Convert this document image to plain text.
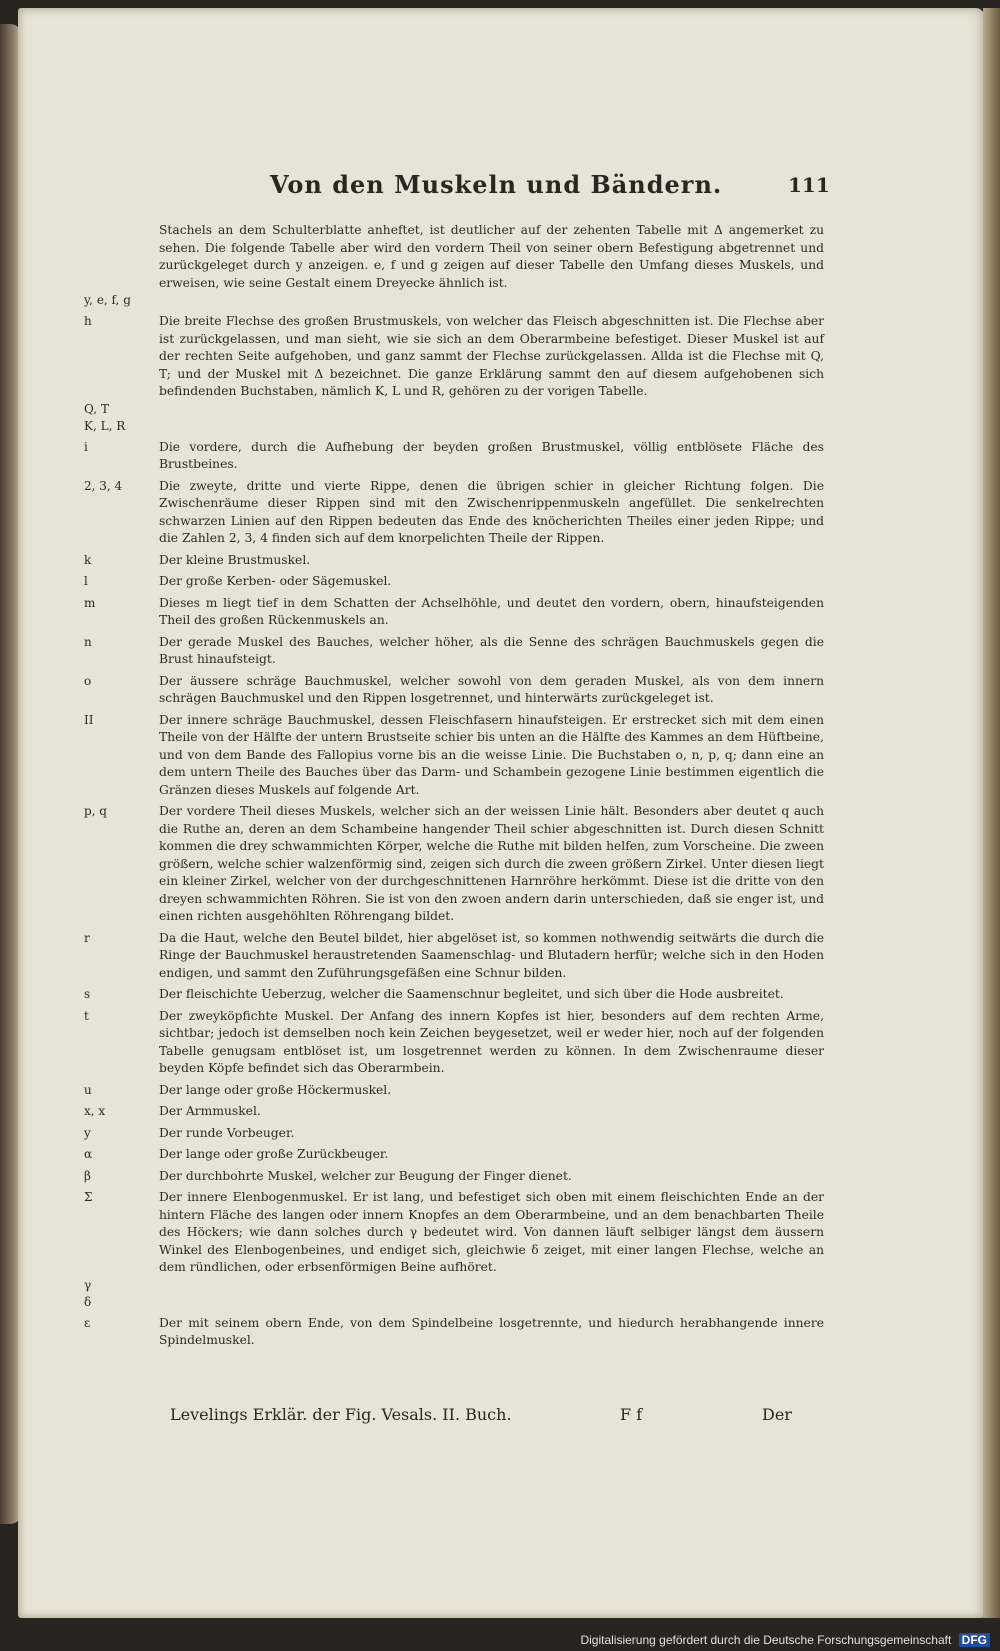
Von den Muskeln und Bändern.	111
Stachels an dem Schulterblatte anheftet, ist deutlicher auf der zehenten Tabelle mit Δ angemerket zu sehen. Die folgende Tabelle aber wird den vordern Theil von seiner obern Befestigung abgetrennet und zurückgeleget durch y anzeigen. e, f und g zeigen auf dieser Tabelle den Umfang dieses Muskels, und erweisen, wie seine Gestalt einem Dreyecke ähnlich ist.
y, e, f, g
h	Die breite Flechse des großen Brustmuskels, von welcher das Fleisch abgeschnitten ist. Die Flechse aber ist zurückgelassen, und man sieht, wie sie sich an dem Oberarmbeine befestiget. Dieser Muskel ist auf der rechten Seite aufgehoben, und ganz sammt der Flechse zurückgelassen. Allda ist die Flechse mit Q, T; und der Muskel mit Δ bezeichnet. Die ganze Erklärung sammt den auf diesem aufgehobenen sich befindenden Buchstaben, nämlich K, L und R, gehören zu der vorigen Tabelle.
Q, T
K, L, R
i	Die vordere, durch die Aufhebung der beyden großen Brustmuskel, völlig entblösete Fläche des Brustbeines.
2, 3, 4	Die zweyte, dritte und vierte Rippe, denen die übrigen schier in gleicher Richtung folgen. Die Zwischenräume dieser Rippen sind mit den Zwischenrippenmuskeln angefüllet. Die senkelrechten schwarzen Linien auf den Rippen bedeuten das Ende des knöcherichten Theiles einer jeden Rippe; und die Zahlen 2, 3, 4 finden sich auf dem knorpelichten Theile der Rippen.
k	Der kleine Brustmuskel.
l	Der große Kerben- oder Sägemuskel.
m	Dieses m liegt tief in dem Schatten der Achselhöhle, und deutet den vordern, obern, hinaufsteigenden Theil des großen Rückenmuskels an.
n	Der gerade Muskel des Bauches, welcher höher, als die Senne des schrägen Bauchmuskels gegen die Brust hinaufsteigt.
o	Der äussere schräge Bauchmuskel, welcher sowohl von dem geraden Muskel, als von dem innern schrägen Bauchmuskel und den Rippen losgetrennet, und hinterwärts zurückgeleget ist.
II	Der innere schräge Bauchmuskel, dessen Fleischfasern hinaufsteigen. Er erstrecket sich mit dem einen Theile von der Hälfte der untern Brustseite schier bis unten an die Hälfte des Kammes an dem Hüftbeine, und von dem Bande des Fallopius vorne bis an die weisse Linie. Die Buchstaben o, n, p, q; dann eine an dem untern Theile des Bauches über das Darm- und Schambein gezogene Linie bestimmen eigentlich die Gränzen dieses Muskels auf folgende Art.
p, q	Der vordere Theil dieses Muskels, welcher sich an der weissen Linie hält. Besonders aber deutet q auch die Ruthe an, deren an dem Schambeine hangender Theil schier abgeschnitten ist. Durch diesen Schnitt kommen die drey schwammichten Körper, welche die Ruthe mit bilden helfen, zum Vorscheine. Die zween größern, welche schier walzenförmig sind, zeigen sich durch die zween größern Zirkel. Unter diesen liegt ein kleiner Zirkel, welcher von der durchgeschnittenen Harnröhre herkömmt. Diese ist die dritte von den dreyen schwammichten Röhren. Sie ist von den zwoen andern darin unterschieden, daß sie enger ist, und einen richten ausgehöhlten Röhrengang bildet.
r	Da die Haut, welche den Beutel bildet, hier abgelöset ist, so kommen nothwendig seitwärts die durch die Ringe der Bauchmuskel heraustretenden Saamenschlag- und Blutadern herfür; welche sich in den Hoden endigen, und sammt den Zuführungsgefäßen eine Schnur bilden.
s	Der fleischichte Ueberzug, welcher die Saamenschnur begleitet, und sich über die Hode ausbreitet.
t	Der zweyköpfichte Muskel. Der Anfang des innern Kopfes ist hier, besonders auf dem rechten Arme, sichtbar; jedoch ist demselben noch kein Zeichen beygesetzet, weil er weder hier, noch auf der folgenden Tabelle genugsam entblöset ist, um losgetrennet werden zu können. In dem Zwischenraume dieser beyden Köpfe befindet sich das Oberarmbein.
u	Der lange oder große Höckermuskel.
x, x	Der Armmuskel.
y	Der runde Vorbeuger.
α	Der lange oder große Zurückbeuger.
β	Der durchbohrte Muskel, welcher zur Beugung der Finger dienet.
Σ	Der innere Elenbogenmuskel. Er ist lang, und befestiget sich oben mit einem fleischichten Ende an der hintern Fläche des langen oder innern Knopfes an dem Oberarmbeine, und an dem benachbarten Theile des Höckers; wie dann solches durch γ bedeutet wird. Von dannen läuft selbiger längst dem äussern Winkel des Elenbogenbeines, und endiget sich, gleichwie δ zeiget, mit einer langen Flechse, welche an dem ründlichen, oder erbsenförmigen Beine aufhöret.
γ
δ
ε	Der mit seinem obern Ende, von dem Spindelbeine losgetrennte, und hiedurch herabhangende innere Spindelmuskel.
Levelings Erklär. der Fig. Vesals. II. Buch.	F f	Der
Digitalisierung gefördert durch die Deutsche Forschungsgemeinschaft DFG
